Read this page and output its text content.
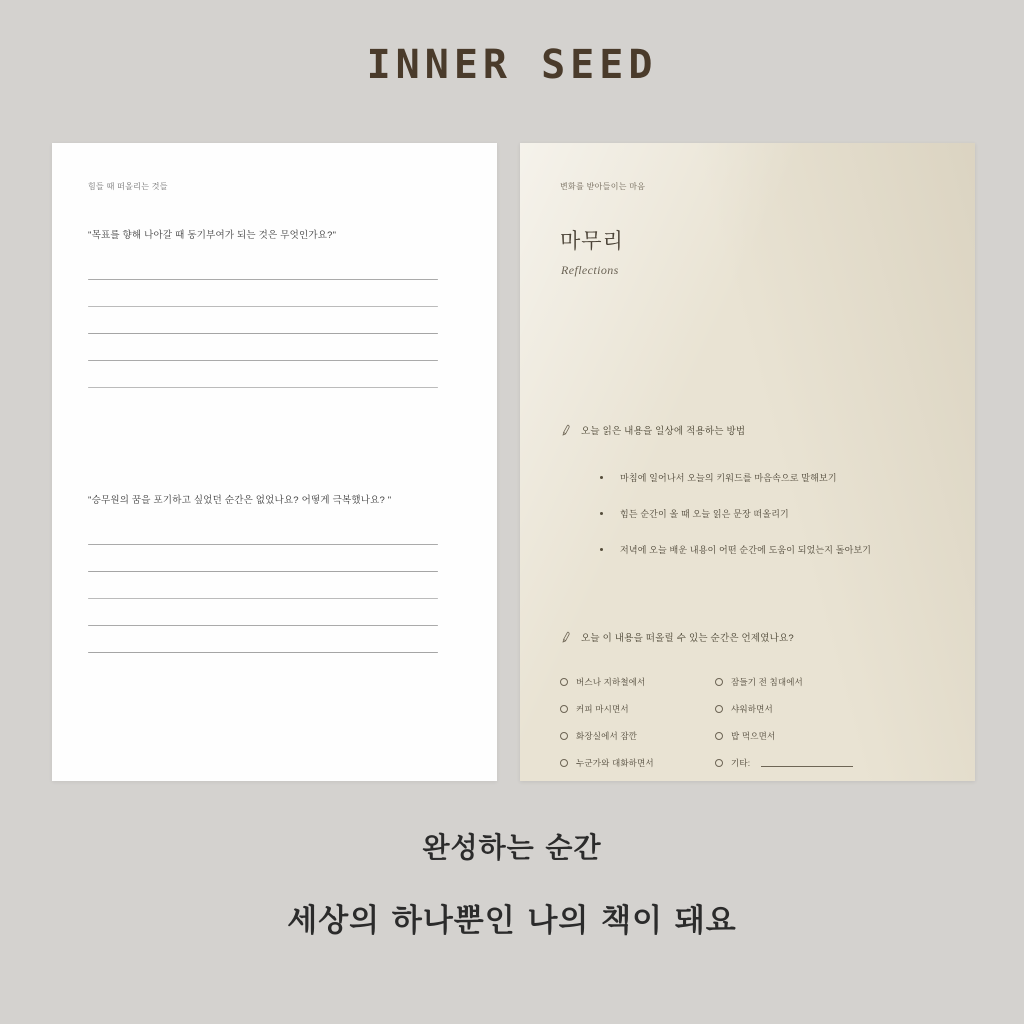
INNER SEED
힘들 때 떠올리는 것들
"목표를 향해 나아갈 때 동기부여가 되는 것은 무엇인가요?"
"승무원의 꿈을 포기하고 싶었던 순간은 없었나요? 어떻게 극복했나요? "
변화를 받아들이는 마음
마무리
Reflections
오늘 읽은 내용을 일상에 적용하는 방법
마침에 일어나서 오늘의 키워드를 마음속으로 말해보기
힘든 순간이 올 때 오늘 읽은 문장 떠올리기
저녁에 오늘 배운 내용이 어떤 순간에 도움이 되었는지 돌아보기
오늘 이 내용을 떠올릴 수 있는 순간은 언제였나요?
버스나 지하철에서	잠들기 전 침대에서
커피 마시면서	샤워하면서
화장실에서 잠깐	밥 먹으면서
누군가와 대화하면서	기타:
완성하는 순간
세상의 하나뿐인 나의 책이 돼요
